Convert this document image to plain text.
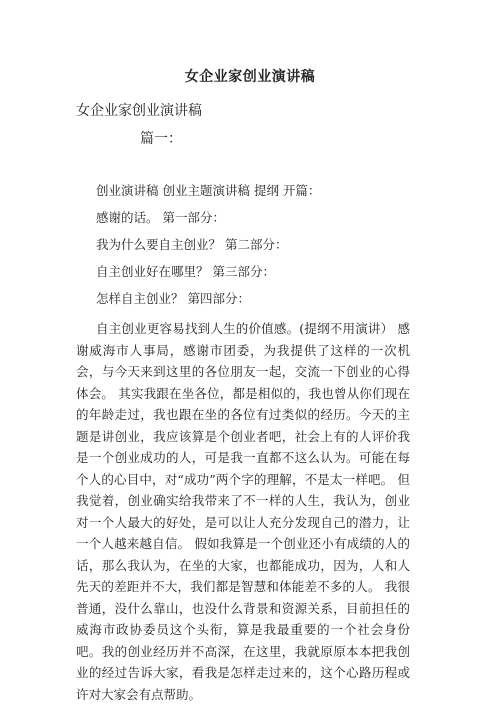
女企业家创业演讲稿
女企业家创业演讲稿
篇一：
创业演讲稿 创业主题演讲稿 提纲 开篇：
感谢的话。 第一部分：
我为什么要自主创业？ 第二部分：
自主创业好在哪里？ 第三部分：
怎样自主创业？ 第四部分：
自主创业更容易找到人生的价值感。(提纲不用演讲） 感谢威海市人事局，感谢市团委，为我提供了这样的一次机会，与今天来到这里的各位朋友一起，交流一下创业的心得体会。 其实我跟在坐各位，都是相似的，我也曾从你们现在的年龄走过，我也跟在坐的各位有过类似的经历。今天的主题是讲创业，我应该算是个创业者吧，社会上有的人评价我是一个创业成功的人，可是我一直都不这么认为。可能在每个人的心目中，对“成功”两个字的理解，不是太一样吧。 但我觉着，创业确实给我带来了不一样的人生，我认为，创业对一个人最大的好处，是可以让人充分发现自己的潜力，让一个人越来越自信。 假如我算是一个创业还小有成绩的人的话，那么我认为，在坐的大家，也都能成功，因为，人和人先天的差距并不大，我们都是智慧和体能差不多的人。 我很普通，没什么靠山，也没什么背景和资源关系，目前担任的威海市政协委员这个头衔，算是我最重要的一个社会身份吧。我的创业经历并不高深，在这里，我就原原本本把我创业的经过告诉大家，看我是怎样走过来的，这个心路历程或许对大家会有点帮助。
